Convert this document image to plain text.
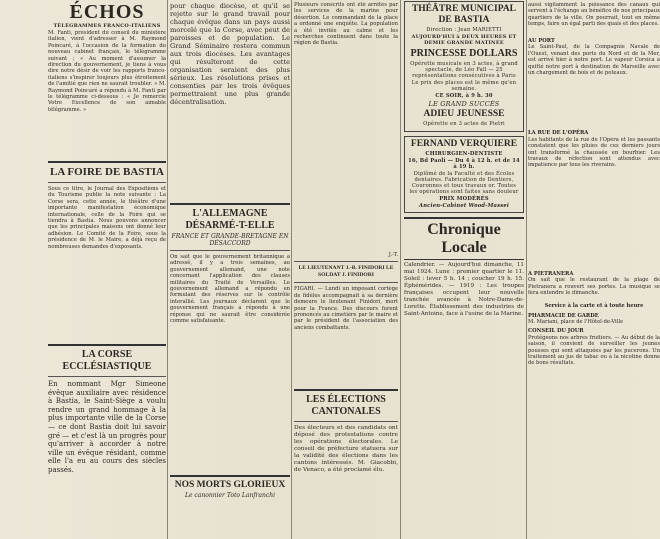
ÉCHOS

TÉLÉGRAMMES FRANCO-ITALIENS

M. Fanti, président du conseil du ministère italien, vient d'adresser à M. Raymond Poincaré, à l'occasion de la formation du nouveau cabinet français, le télégramme suivant : « Au moment d'assumer la direction du gouvernement, je tiens à vous dire notre désir de voir les rapports franco-italiens s'inspirer toujours plus étroitement de l'amitié que rien ne saurait troubler. » M. Raymond Poincaré a répondu à M. Fanti par le télégramme ci-dessous : « Je remercie Votre Excellence de son aimable télégramme. »

LA FOIRE DE BASTIA

Sous ce titre, le Journal des Expositions et du Tourisme publie la note suivante : La Corse sera, cette année, le théâtre d'une importante manifestation économique internationale, celle de la Foire qui se tiendra à Bastia. Nous pouvons annoncer que les principales maisons ont donné leur adhésion. Le Comité de la Foire, sous la présidence de M. le Maire, a déjà reçu de nombreuses demandes d'exposants.

LA CORSE ECCLÉSIASTIQUE

En nommant Mgr Simeone évêque auxiliaire avec résidence à Bastia, le Saint-Siège a voulu rendre un grand hommage à la plus importante ville de la Corse — ce dont Bastia doit lui savoir gré — et c'est là un progrès pour qu'arriver à accorder à notre ville un évêque résidant, comme elle l'a eu au cours des siècles passés.

pour chaque diocèse, et qu'il se rejette sur le grand travail pour chaque évêque dans un pays aussi morcelé que la Corse, avec peut de paroisses et de population. Le Grand Séminaire restera commun aux trois diocèses. Les avantages qui résulteront de cette organisation seraient des plus sérieux. Les résolutions prises et consenties par les trois évêques permettraient une plus grande décentralisation.

L'ALLEMAGNE DÉSARMÉ-T-ELLE

FRANCE ET GRANDE-BRETAGNE EN DÉSACCORD

On sait que le gouvernement britannique a adressé, il y a trois semaines, au gouvernement allemand, une note concernant l'application des clauses militaires du Traité de Versailles. Le gouvernement allemand a répondu en formulant des réserves sur le contrôle interallié. Les journaux déclarent que le gouvernement français a répondu à une réponse qui ne saurait être considérée comme satisfaisante.

NOS MORTS GLORIEUX

Le canonnier Toto Lanfranchi

Plusieurs conscrits ont été arrêtés par les services de la marine pour désertion. Le commandant de la place a ordonné une enquête. La population a été invitée au calme et les recherches continuent dans toute la région de Bastia.

J.-T.

LE LIEUTENANT J.-B. FINIDORI LE SOLDAT J. FINIDORI

FIGARI. — Lundi un imposant cortège de fidèles accompagnait à sa dernière demeure le lieutenant Finidori, mort pour la France. Des discours furent prononcés au cimetière par le maire et par le président de l'association des anciens combattants.

LES ÉLECTIONS CANTONALES

Des électeurs et des candidats ont déposé des protestations contre les opérations électorales. Le conseil de préfecture statuera sur la validité des élections dans les cantons intéressés. M. Giacobbi, de Venaco, a été proclamé élu.

THÉÂTRE MUNICIPAL DE BASTIA

Direction : Jean MARIETTI

AUJOURD'HUI à DEUX HEURES ET DEMIE GRANDE MATINÉE

PRINCESSE DOLLARS

Opérette musicale en 3 actes, à grand spectacle, de Léo Fall — 25 représentations consécutives à Paris

Le prix des places est le même qu'en semaine.

CE SOIR, à 9 h. 30

LE GRAND SUCCÈS

ADIEU JEUNESSE

Opérette en 3 actes de Pietri

FERNAND VERQUIERE

CHIRURGIEN-DENTISTE

16, Bd Paoli — Du 4 à 12 h. et de 14 à 19 h.

Diplômé de la Faculté et des Écoles dentaires. Fabrication de Dentiers, Couronnes et tous travaux or. Toutes les opérations sont faites sans douleur

PRIX MODÉRÉS

Ancien-Cabinet Wood-Massei

Chronique Locale

Calendrier. — Aujourd'hui dimanche, 11 mai 1924. Lune : premier quartier le 11. Soleil : lever 5 h. 14 ; coucher 19 h. 15. Éphémérides. — 1919 : Les troupes françaises occupent leur nouvelle tranchée avancée à Notre-Dame-de-Lorette. Établissement des industries de Saint-Antoine, face à l'usine de la Marine.

aussi vigilamment la puissance des canaux qui servent à l'échange au bénéfice de nos principaux quartiers de la ville. On pourrait, tout en même temps, faire un égal parti des quais et des places.

AU PORT

Le Saint-Paul, de la Compagnie Navale de l'Ouest, venant des ports du Nord et de la Mer, est arrivé hier à notre port. Le vapeur Corsica a quitté notre port à destination de Marseille avec un chargement de bois et de poteaux.

LA RUE DE L'OPÉRA

Les habitants de la rue de l'Opéra et les passants constatent que les pluies de ces derniers jours ont transformé la chaussée en bourbier. Les travaux de réfection sont attendus avec impatience par tous les riverains.

A PIETRANERA

On sait que le restaurant de la plage de Pietranera a rouvert ses portes. La musique se fera entendre le dimanche.

Service à la carte et à toute heure

PHARMACIE DE GARDE

M. Mariani, place de l'Hôtel-de-Ville

CONSEIL DU JOUR

Protégeons nos arbres fruitiers. — Au début de la saison, il convient de surveiller les jeunes pousses qui sont attaquées par les pucerons. Un traitement au jus de tabac ou à la nicotine donne de bons résultats.
